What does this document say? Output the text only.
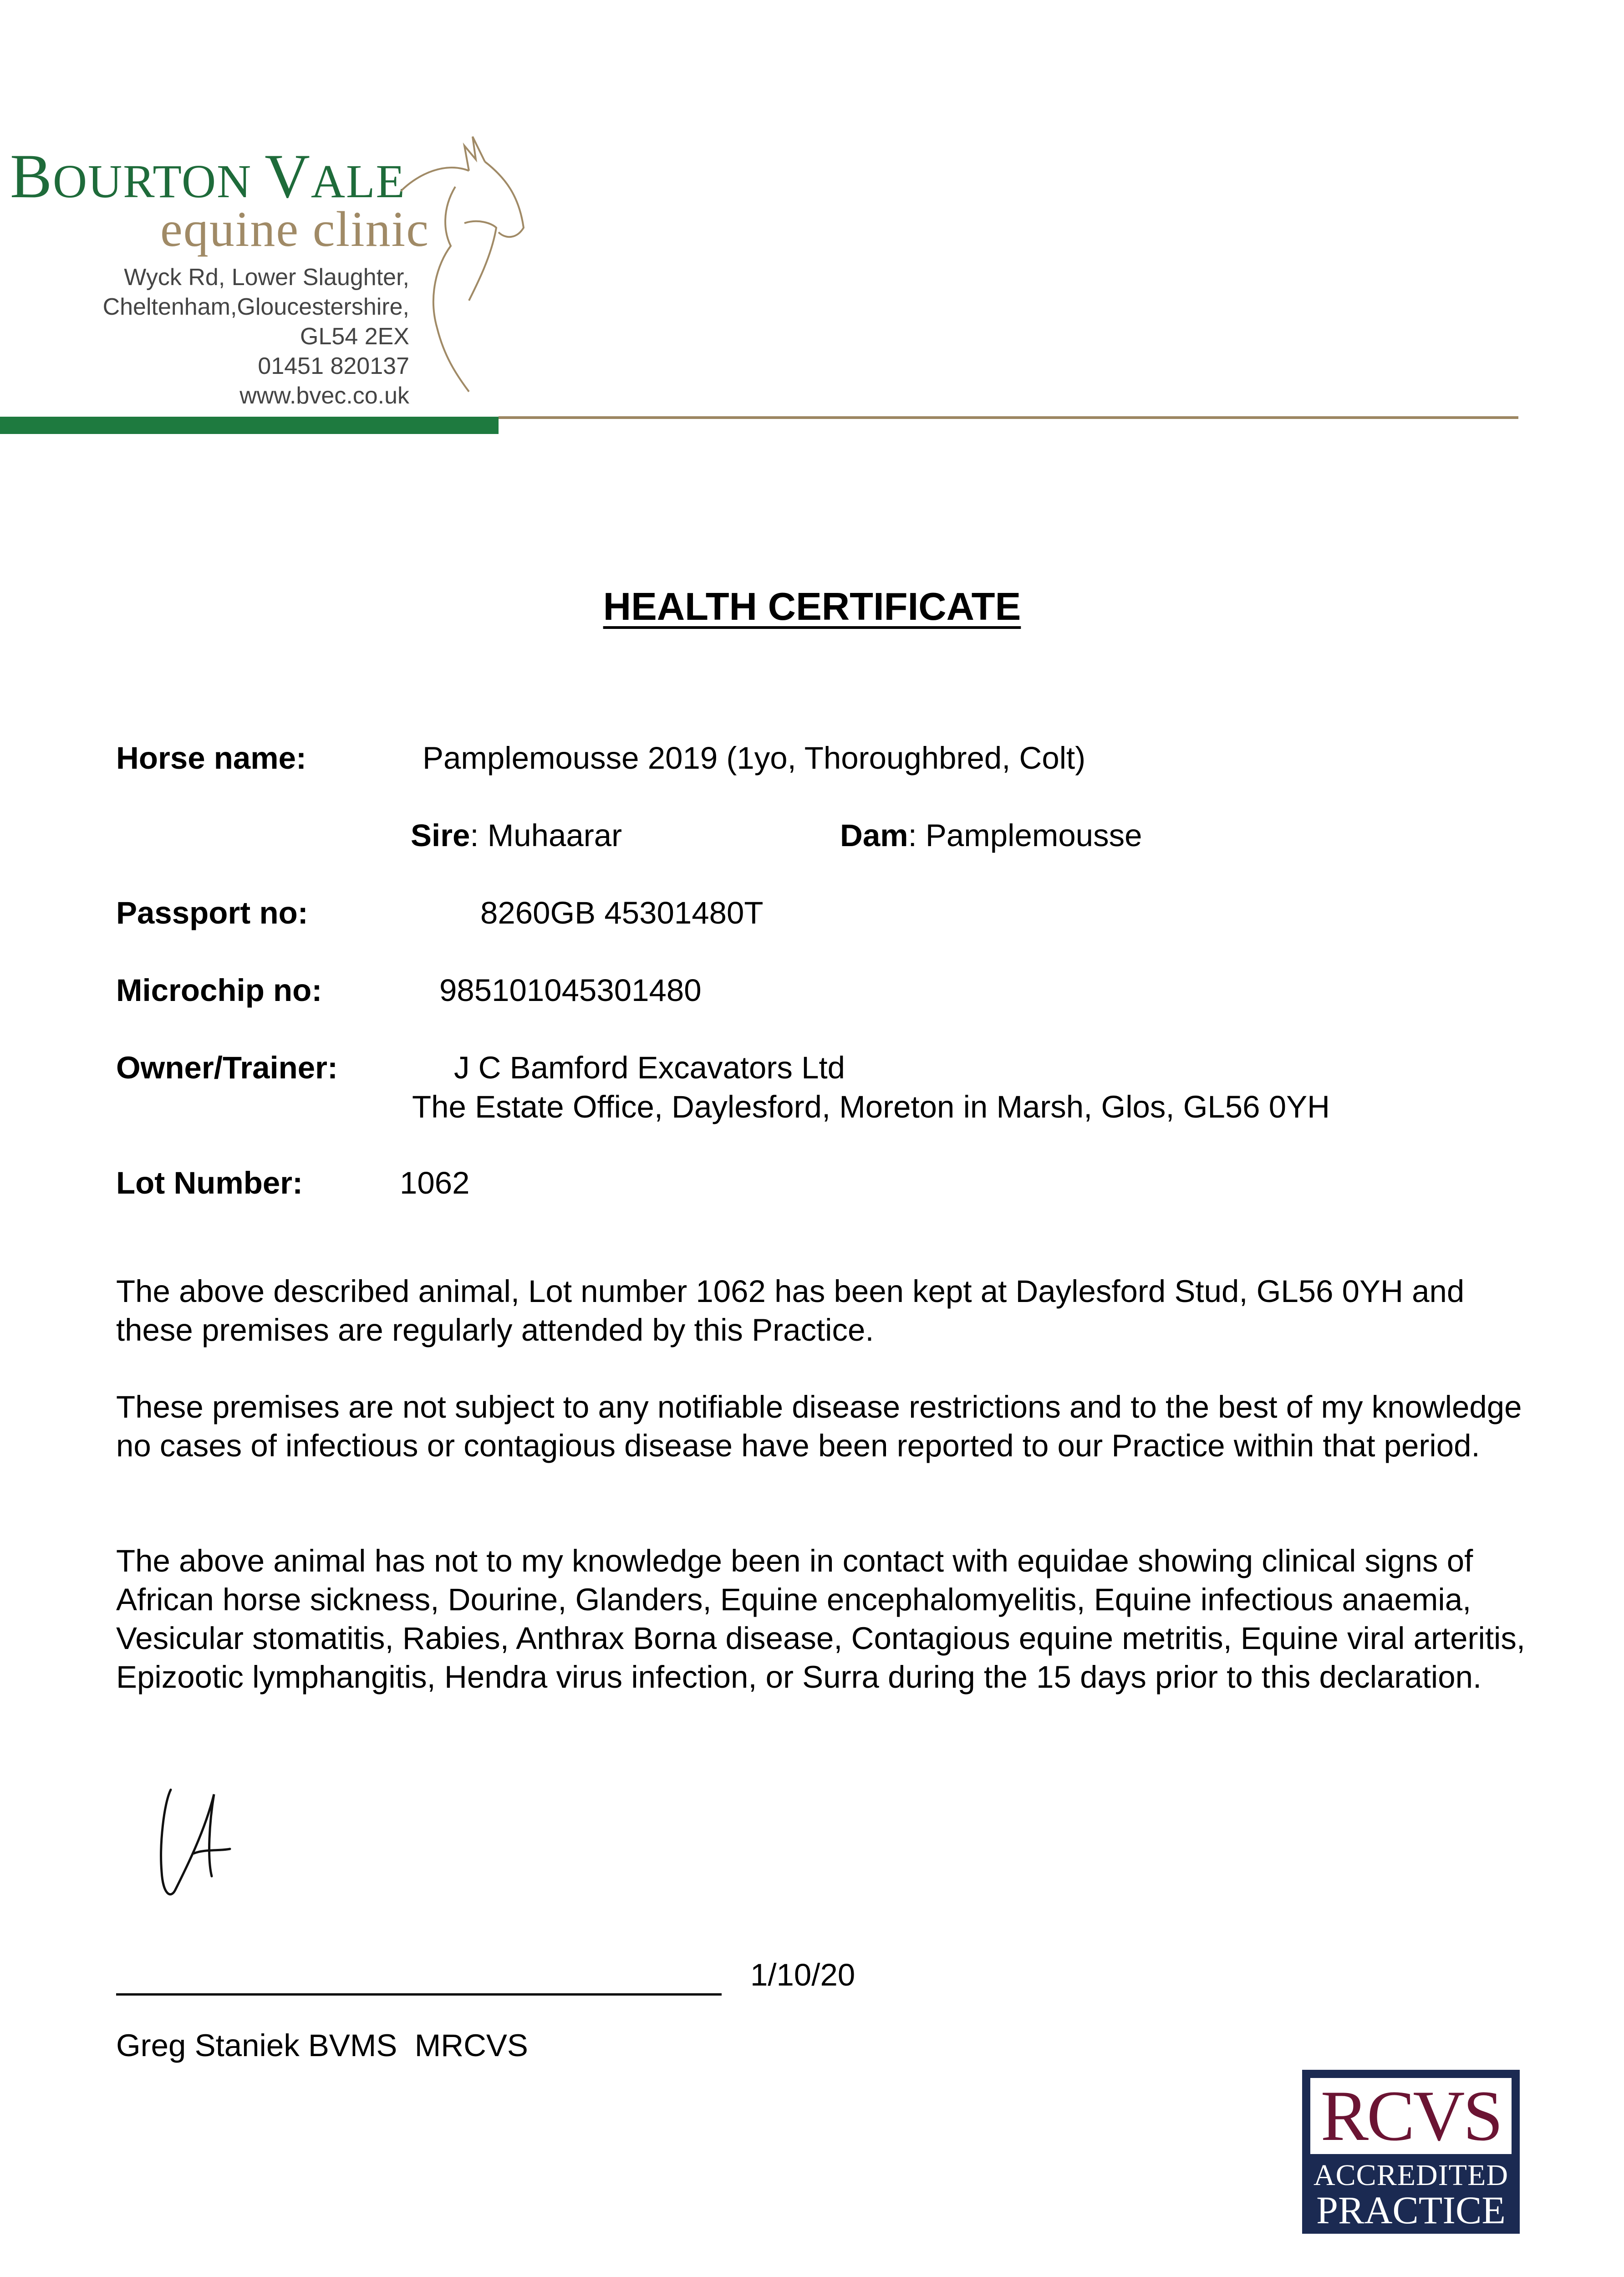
BOURTON VALE
equine clinic
Wyck Rd, Lower Slaughter,
Cheltenham,Gloucestershire,
GL54 2EX
01451 820137
www.bvec.co.uk
HEALTH CERTIFICATE
Horse name:	Pamplemousse 2019 (1yo, Thoroughbred, Colt)
Sire: Muhaarar	Dam: Pamplemousse
Passport no:	8260GB 45301480T
Microchip no:	985101045301480
Owner/Trainer:	J C Bamford Excavators Ltd
The Estate Office, Daylesford, Moreton in Marsh, Glos, GL56 0YH
Lot Number:	1062
The above described animal, Lot number 1062 has been kept at Daylesford Stud, GL56 0YH and these premises are regularly attended by this Practice.
These premises are not subject to any notifiable disease restrictions and to the best of my knowledge no cases of infectious or contagious disease have been reported to our Practice within that period.
The above animal has not to my knowledge been in contact with equidae showing clinical signs of African horse sickness, Dourine, Glanders, Equine encephalomyelitis, Equine infectious anaemia, Vesicular stomatitis, Rabies, Anthrax Borna disease, Contagious equine metritis, Equine viral arteritis, Epizootic lymphangitis, Hendra virus infection, or Surra during the 15 days prior to this declaration.
1/10/20
Greg Staniek BVMS  MRCVS
RCVS
ACCREDITED
PRACTICE
EQUINE PRACTICE
